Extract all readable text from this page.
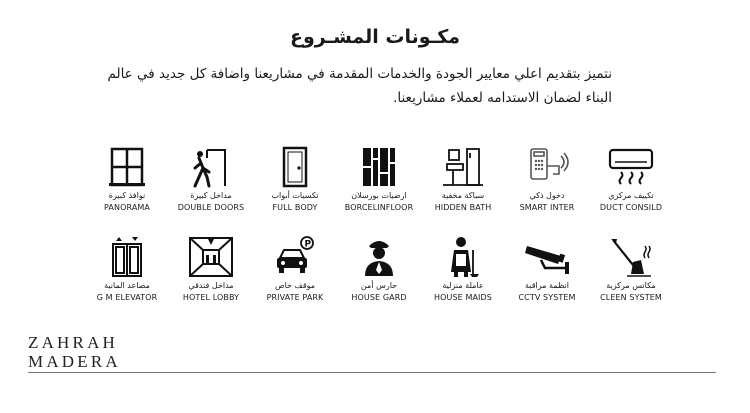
مكـونات المشـروع
نتميز بتقديم اعلي معايير الجودة والخدمات المقدمة في مشاريعنا واضافة كل جديد في عالم
البناء لضمان الاستدامه لعملاء مشاريعنا.
نوافذ كبيرة
PANORAMA
مداخل كبيرة
DOUBLE DOORS
تكسيات أبواب
FULL BODY
ارضيات بورسلان
BORCELINFLOOR
سباكة مخفية
HIDDEN BATH
دخول ذكي
SMART INTER
تكييف مركزي
DUCT CONSILD
مصاعد المانية
G M ELEVATOR
مداخل فندقي
HOTEL LOBBY
P
موقف خاص
PRIVATE PARK
حارس أمن
HOUSE GARD
عاملة منزلية
HOUSE MAIDS
انظمة مراقبة
CCTV SYSTEM
مكانس مركزية
CLEEN SYSTEM
ZAHRAH
MADERA
